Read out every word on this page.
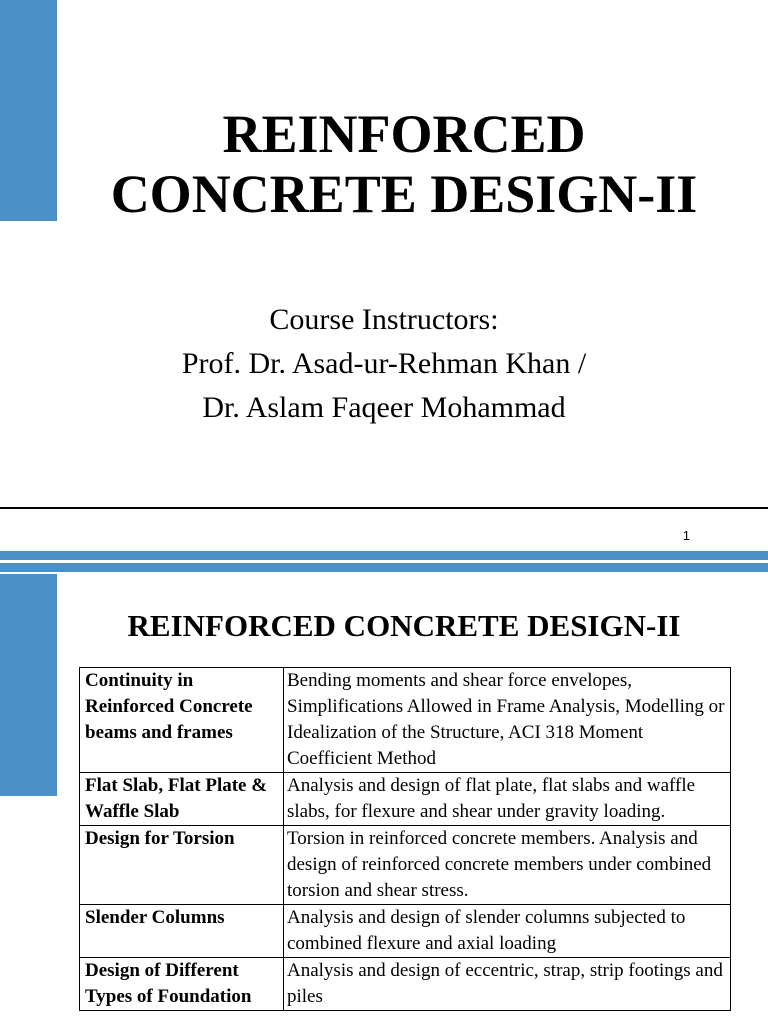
REINFORCED
CONCRETE DESIGN-II
Course Instructors:
Prof. Dr. Asad-ur-Rehman Khan /
Dr. Aslam Faqeer Mohammad
1
REINFORCED CONCRETE DESIGN-II
Continuity in Reinforced Concrete beams and frames	Bending moments and shear force envelopes, Simplifications Allowed in Frame Analysis, Modelling or Idealization of the Structure, ACI 318 Moment Coefficient Method
Flat Slab, Flat Plate & Waffle Slab	Analysis and design of flat plate, flat slabs and waffle slabs, for flexure and shear under gravity loading.
Design for Torsion	Torsion in reinforced concrete members. Analysis and design of reinforced concrete members under combined torsion and shear stress.
Slender Columns	Analysis and design of slender columns subjected to combined flexure and axial loading
Design of Different Types of Foundation	Analysis and design of eccentric, strap, strip footings and piles
